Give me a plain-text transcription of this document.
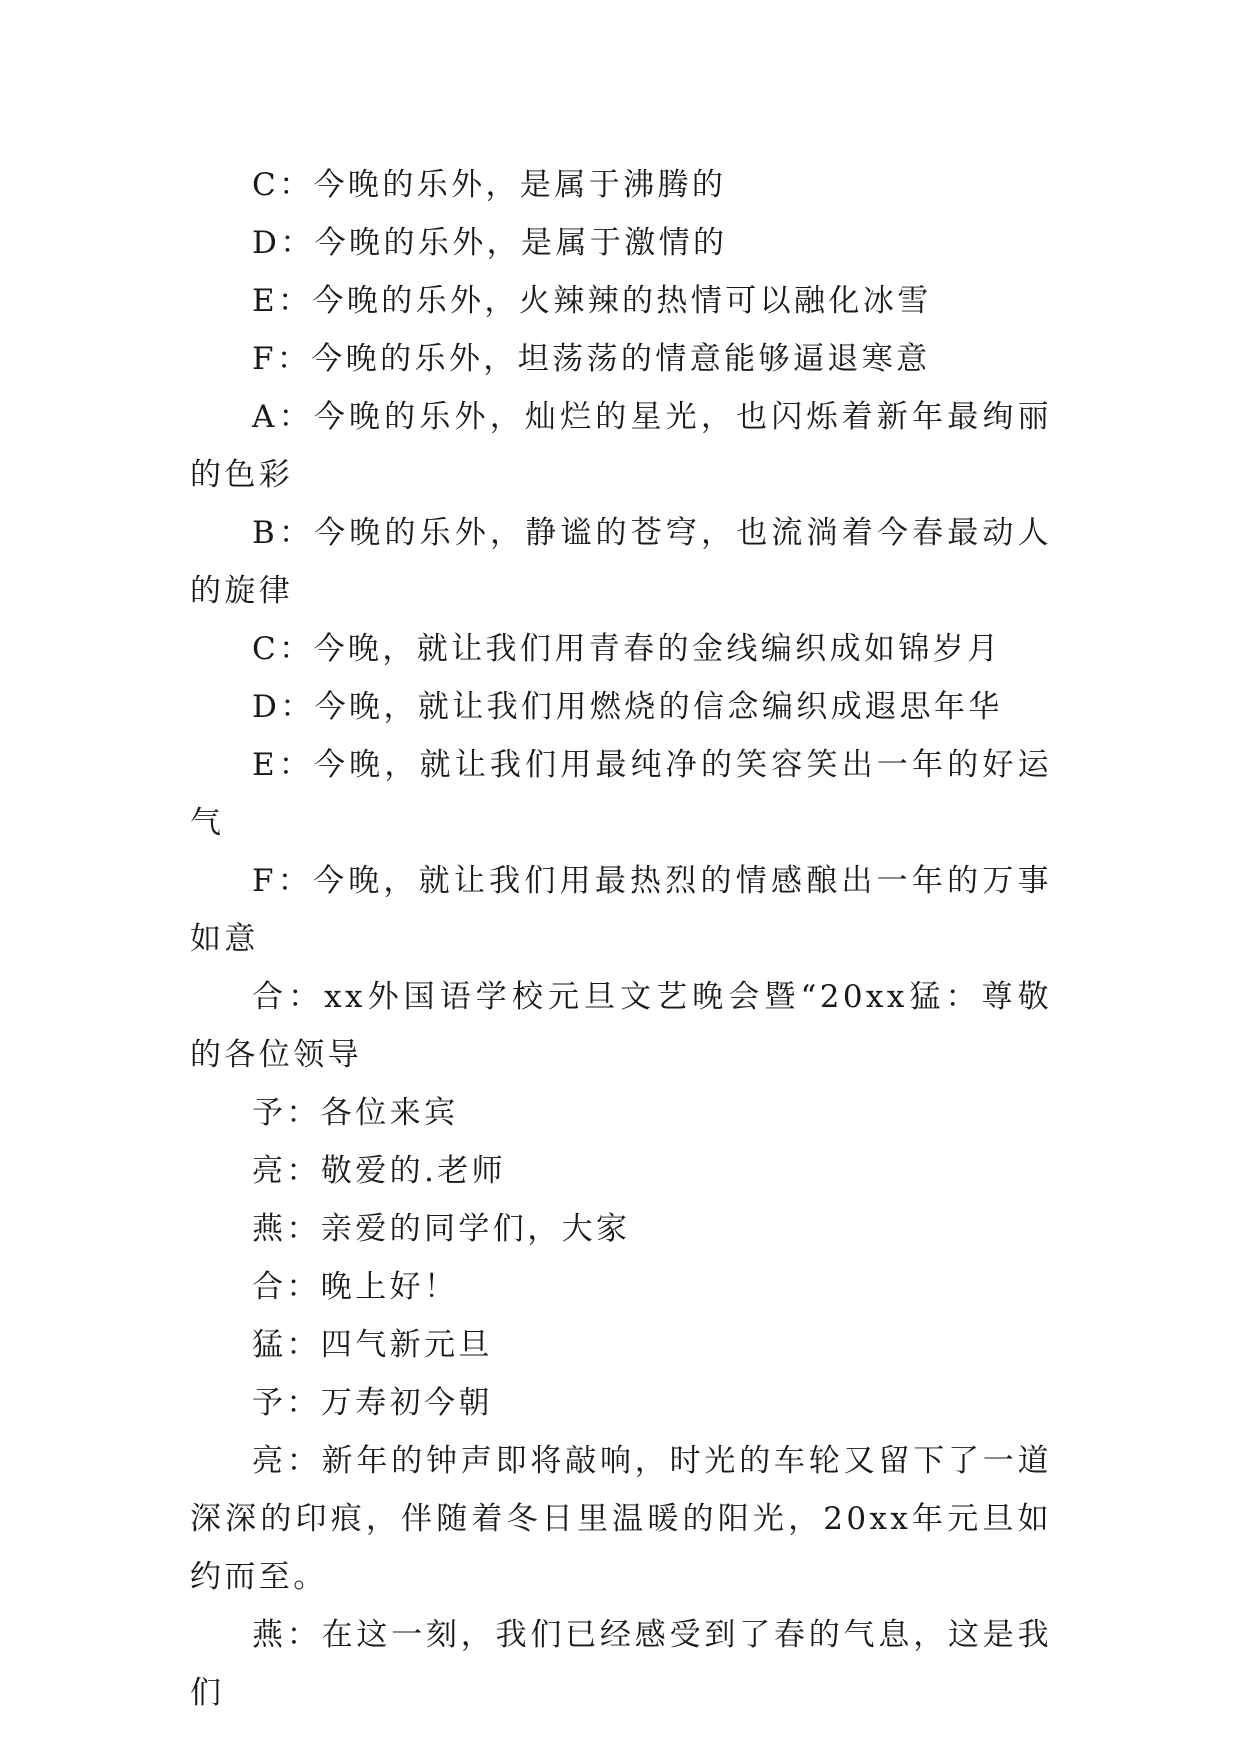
C：今晚的乐外，是属于沸腾的

D：今晚的乐外，是属于激情的

E：今晚的乐外，火辣辣的热情可以融化冰雪

F：今晚的乐外，坦荡荡的情意能够逼退寒意

A：今晚的乐外，灿烂的星光，也闪烁着新年最绚丽的色彩

B：今晚的乐外，静谧的苍穹，也流淌着今春最动人的旋律

C：今晚，就让我们用青春的金线编织成如锦岁月

D：今晚，就让我们用燃烧的信念编织成遐思年华

E：今晚，就让我们用最纯净的笑容笑出一年的好运气

F：今晚，就让我们用最热烈的情感酿出一年的万事如意

合：xx外国语学校元旦文艺晚会暨“20xx猛：尊敬的各位领导

予：各位来宾

亮：敬爱的.老师

燕：亲爱的同学们，大家

合：晚上好！

猛：四气新元旦

予：万寿初今朝

亮：新年的钟声即将敲响，时光的车轮又留下了一道深深的印痕，伴随着冬日里温暖的阳光，20xx年元旦如约而至。

燕：在这一刻，我们已经感受到了春的气息，这是我们
